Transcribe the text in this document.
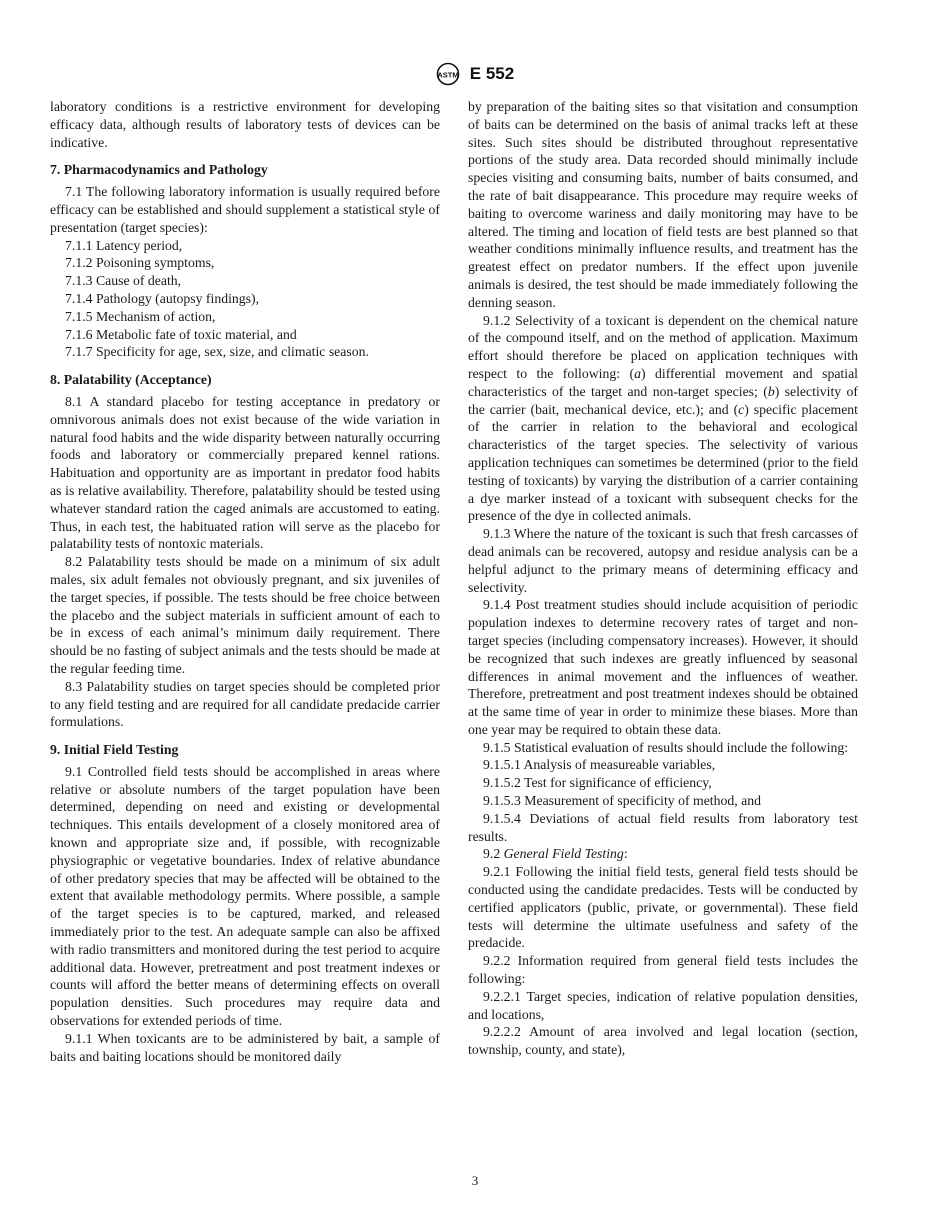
ASTM E 552

laboratory conditions is a restrictive environment for developing efficacy data, although results of laboratory tests of devices can be indicative.

7. Pharmacodynamics and Pathology

7.1 The following laboratory information is usually required before efficacy can be established and should supplement a statistical style of presentation (target species):

7.1.1 Latency period,

7.1.2 Poisoning symptoms,

7.1.3 Cause of death,

7.1.4 Pathology (autopsy findings),

7.1.5 Mechanism of action,

7.1.6 Metabolic fate of toxic material, and

7.1.7 Specificity for age, sex, size, and climatic season.

8. Palatability (Acceptance)

8.1 A standard placebo for testing acceptance in predatory or omnivorous animals does not exist because of the wide variation in natural food habits and the wide disparity between naturally occurring foods and laboratory or commercially prepared kennel rations. Habituation and opportunity are as important in predator food habits as is relative availability. Therefore, palatability should be tested using whatever standard ration the caged animals are accustomed to eating. Thus, in each test, the habituated ration will serve as the placebo for palatability tests of nontoxic materials.

8.2 Palatability tests should be made on a minimum of six adult males, six adult females not obviously pregnant, and six juveniles of the target species, if possible. The tests should be free choice between the placebo and the subject materials in sufficient amount of each to be in excess of each animal’s minimum daily requirement. There should be no fasting of subject animals and the tests should be made at the regular feeding time.

8.3 Palatability studies on target species should be completed prior to any field testing and are required for all candidate predacide carrier formulations.

9. Initial Field Testing

9.1 Controlled field tests should be accomplished in areas where relative or absolute numbers of the target population have been determined, depending on need and existing or developmental techniques. This entails development of a closely monitored area of known and appropriate size and, if possible, with recognizable physiographic or vegetative boundaries. Index of relative abundance of other predatory species that may be affected will be obtained to the extent that available methodology permits. Where possible, a sample of the target species is to be captured, marked, and released immediately prior to the test. An adequate sample can also be affixed with radio transmitters and monitored during the test period to acquire additional data. However, pretreatment and post treatment indexes or counts will afford the better means of determining effects on overall population densities. Such procedures may require data and observations for extended periods of time.

9.1.1 When toxicants are to be administered by bait, a sample of baits and baiting locations should be monitored daily

by preparation of the baiting sites so that visitation and consumption of baits can be determined on the basis of animal tracks left at these sites. Such sites should be distributed throughout representative portions of the study area. Data recorded should minimally include species visiting and consuming baits, number of baits consumed, and the rate of bait disappearance. This procedure may require weeks of baiting to overcome wariness and daily monitoring may have to be altered. The timing and location of field tests are best planned so that weather conditions minimally influence results, and treatment has the greatest effect on predator numbers. If the effect upon juvenile animals is desired, the test should be made immediately following the denning season.

9.1.2 Selectivity of a toxicant is dependent on the chemical nature of the compound itself, and on the method of application. Maximum effort should therefore be placed on application techniques with respect to the following: (a) differential movement and spatial characteristics of the target and non-target species; (b) selectivity of the carrier (bait, mechanical device, etc.); and (c) specific placement of the carrier in relation to the behavioral and ecological characteristics of the target species. The selectivity of various application techniques can sometimes be determined (prior to the field testing of toxicants) by varying the distribution of a carrier containing a dye marker instead of a toxicant with subsequent checks for the presence of the dye in collected animals.

9.1.3 Where the nature of the toxicant is such that fresh carcasses of dead animals can be recovered, autopsy and residue analysis can be a helpful adjunct to the primary means of determining efficacy and selectivity.

9.1.4 Post treatment studies should include acquisition of periodic population indexes to determine recovery rates of target and non-target species (including compensatory increases). However, it should be recognized that such indexes are greatly influenced by seasonal differences in animal movement and the influences of weather. Therefore, pretreatment and post treatment indexes should be obtained at the same time of year in order to minimize these biases. More than one year may be required to obtain these data.

9.1.5 Statistical evaluation of results should include the following:

9.1.5.1 Analysis of measureable variables,

9.1.5.2 Test for significance of efficiency,

9.1.5.3 Measurement of specificity of method, and

9.1.5.4 Deviations of actual field results from laboratory test results.

9.2 General Field Testing:

9.2.1 Following the initial field tests, general field tests should be conducted using the candidate predacides. Tests will be conducted by certified applicators (public, private, or governmental). These field tests will determine the ultimate usefulness and safety of the predacide.

9.2.2 Information required from general field tests includes the following:

9.2.2.1 Target species, indication of relative population densities, and locations,

9.2.2.2 Amount of area involved and legal location (section, township, county, and state),

3
